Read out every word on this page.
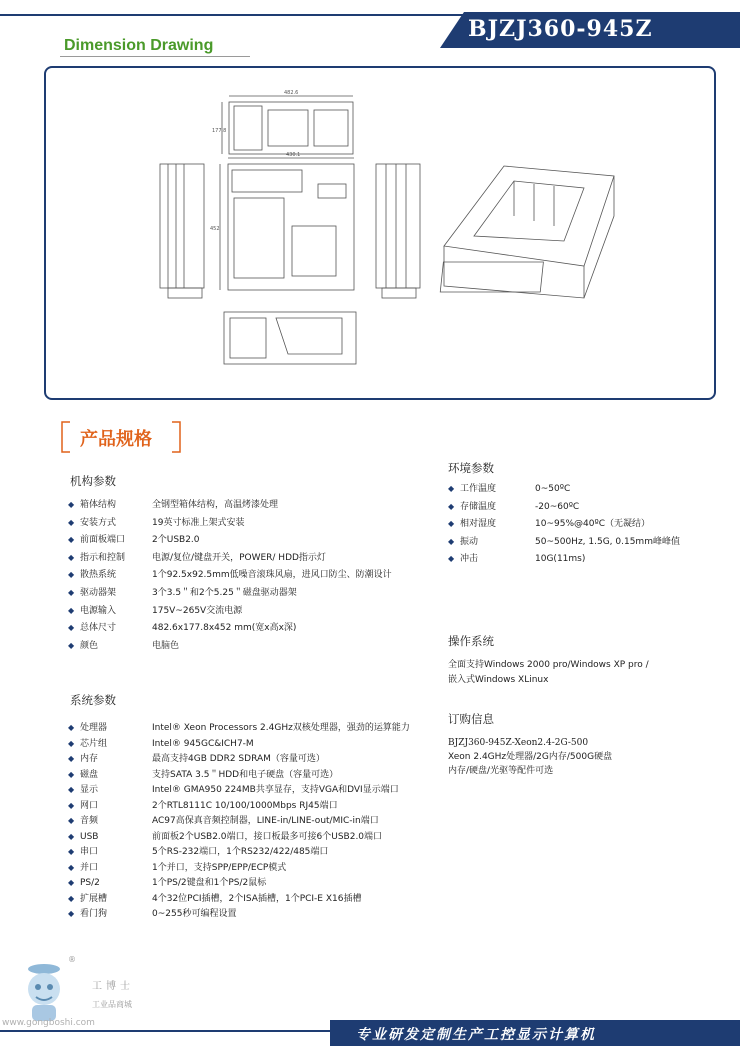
BJZJ360-945Z
Dimension Drawing
482.6
177.8
430.1
452
产品规格
机构参数
◆ 箱体结构	全钢型箱体结构，高温烤漆处理
◆ 安装方式	19英寸标准上架式安装
◆ 前面板端口	2个USB2.0
◆ 指示和控制	电源/复位/键盘开关，POWER/ HDD指示灯
◆ 散热系统	1个92.5x92.5mm低噪音滚珠风扇，进风口防尘、防潮设计
◆ 驱动器架	3个3.5＂和2个5.25＂磁盘驱动器架
◆ 电源输入	175V~265V交流电源
◆ 总体尺寸	482.6x177.8x452 mm(宽x高x深)
◆ 颜色	电脑色
系统参数
◆ 处理器	Intel® Xeon Processors 2.4GHz双核处理器，强劲的运算能力
◆ 芯片组	Intel® 945GC&ICH7-M
◆ 内存	最高支持4GB DDR2 SDRAM（容量可选）
◆ 磁盘	支持SATA 3.5＂HDD和电子硬盘（容量可选）
◆ 显示	Intel® GMA950 224MB共享显存，支持VGA和DVI显示端口
◆ 网口	2个RTL8111C 10/100/1000Mbps RJ45端口
◆ 音频	AC97高保真音频控制器，LINE-in/LINE-out/MIC-in端口
◆ USB	前面板2个USB2.0端口，接口板最多可接6个USB2.0端口
◆ 串口	5个RS-232端口，1个RS232/422/485端口
◆ 并口	1个并口，支持SPP/EPP/ECP模式
◆ PS/2	1个PS/2键盘和1个PS/2鼠标
◆ 扩展槽	4个32位PCI插槽，2个ISA插槽，1个PCI-E X16插槽
◆ 看门狗	0~255秒可编程设置
环境参数
◆ 工作温度	0~50ºC
◆ 存储温度	-20~60ºC
◆ 相对湿度	10~95%@40ºC（无凝结）
◆ 振动	50~500Hz, 1.5G, 0.15mm峰峰值
◆ 冲击	10G(11ms)
操作系统
全面支持Windows 2000 pro/Windows XP pro /
嵌入式Windows XLinux
订购信息
BJZJ360-945Z-Xeon2.4-2G-500
Xeon 2.4GHz处理器/2G内存/500G硬盘
内存/硬盘/光驱等配件可选
®
工博士
工业品商城
www.gongboshi.com
专业研发定制生产工控显示计算机
